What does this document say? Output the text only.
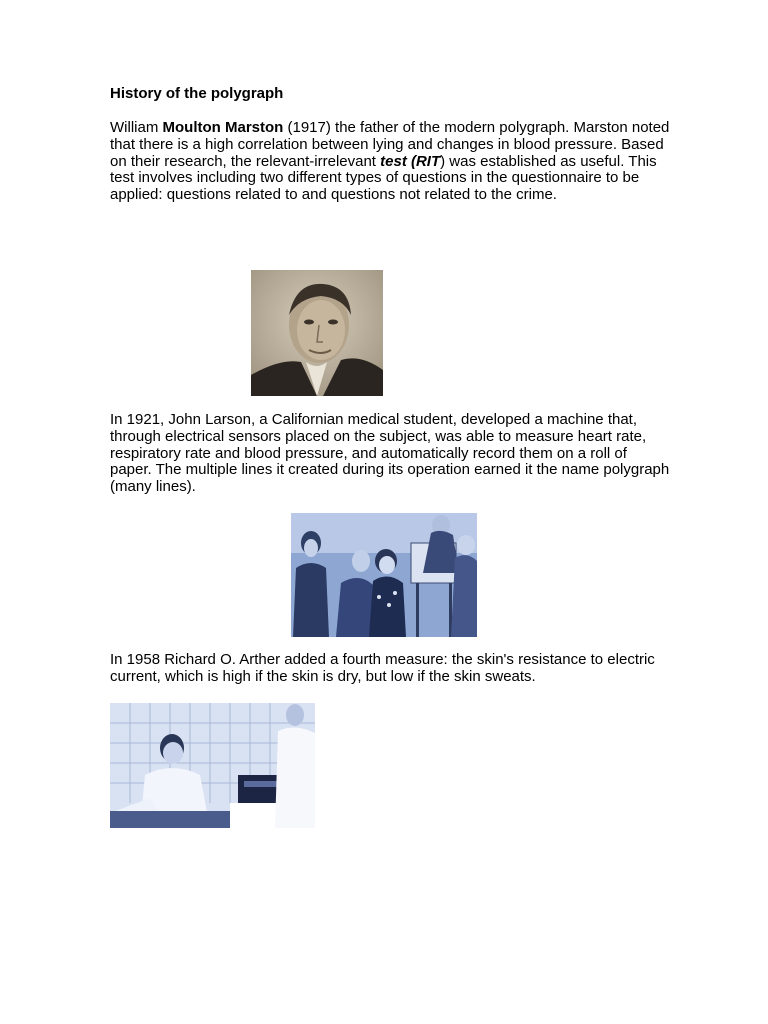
History of the polygraph

William Moulton Marston (1917) the father of the modern polygraph. Marston noted that there is a high correlation between lying and changes in blood pressure. Based on their research, the relevant-irrelevant test (RIT) was established as useful. This test involves including two different types of questions in the questionnaire to be applied: questions related to and questions not related to the crime.

In 1921, John Larson, a Californian medical student, developed a machine that, through electrical sensors placed on the subject, was able to measure heart rate, respiratory rate and blood pressure, and automatically record them on a roll of paper. The multiple lines it created during its operation earned it the name polygraph (many lines).

In 1958 Richard O. Arther added a fourth measure: the skin's resistance to electric current, which is high if the skin is dry, but low if the skin sweats.
